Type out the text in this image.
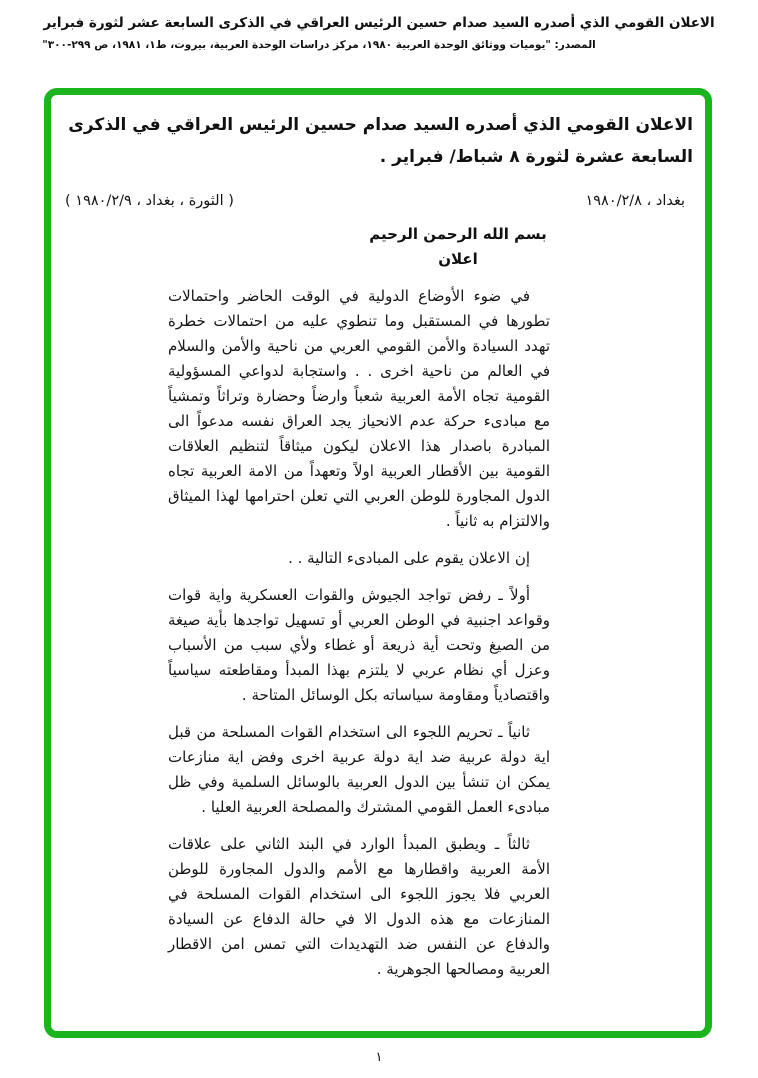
الاعلان القومي الذي أصدره السيد صدام حسين الرئيس العراقي في الذكرى السابعة عشر لثورة فبراير
المصدر: "يوميات ووثائق الوحدة العربية ١٩٨٠، مركز دراسات الوحدة العربية، بيروت، ط١، ١٩٨١، ص ٢٩٩-٣٠٠"
الاعلان القومي الذي أصدره السيد صدام حسين الرئيس العراقي في الذكرى السابعة عشرة لثورة ٨ شباط/ فبراير .
بغداد ، ١٩٨٠/٢/٨
( الثورة ، بغداد ، ١٩٨٠/٢/٩ )
بسم الله الرحمن الرحيم
اعلان

في ضوء الأوضاع الدولية في الوقت الحاضر واحتمالات تطورها في المستقبل وما تنطوي عليه من احتمالات خطرة تهدد السيادة والأمن القومي العربي من ناحية والأمن والسلام في العالم من ناحية اخرى . . واستجابة لدواعي المسؤولية القومية تجاه الأمة العربية شعباً وارضاً وحضارة وتراثاً وتمشياً مع مبادىء حركة عدم الانحياز يجد العراق نفسه مدعواً الى المبادرة باصدار هذا الاعلان ليكون ميثاقاً لتنظيم العلاقات القومية بين الأقطار العربية اولاً وتعهداً من الامة العربية تجاه الدول المجاورة للوطن العربي التي تعلن احترامها لهذا الميثاق والالتزام به ثانياً .

إن الاعلان يقوم على المبادىء التالية . .

أولاً ـ رفض تواجد الجيوش والقوات العسكرية واية قوات وقواعد اجنبية في الوطن العربي أو تسهيل تواجدها بأية صيغة من الصيغ وتحت أية ذريعة أو غطاء ولأي سبب من الأسباب وعزل أي نظام عربي لا يلتزم بهذا المبدأ ومقاطعته سياسياً واقتصادياً ومقاومة سياساته بكل الوسائل المتاحة .

ثانياً ـ تحريم اللجوء الى استخدام القوات المسلحة من قبل اية دولة عربية ضد اية دولة عربية اخرى وفض اية منازعات يمكن ان تنشأ بين الدول العربية بالوسائل السلمية وفي ظل مبادىء العمل القومي المشترك والمصلحة العربية العليا .

ثالثاً ـ ويطبق المبدأ الوارد في البند الثاني على علاقات الأمة العربية واقطارها مع الأمم والدول المجاورة للوطن العربي فلا يجوز اللجوء الى استخدام القوات المسلحة في المنازعات مع هذه الدول الا في حالة الدفاع عن السيادة والدفاع عن النفس ضد التهديدات التي تمس امن الاقطار العربية ومصالحها الجوهرية .

١
